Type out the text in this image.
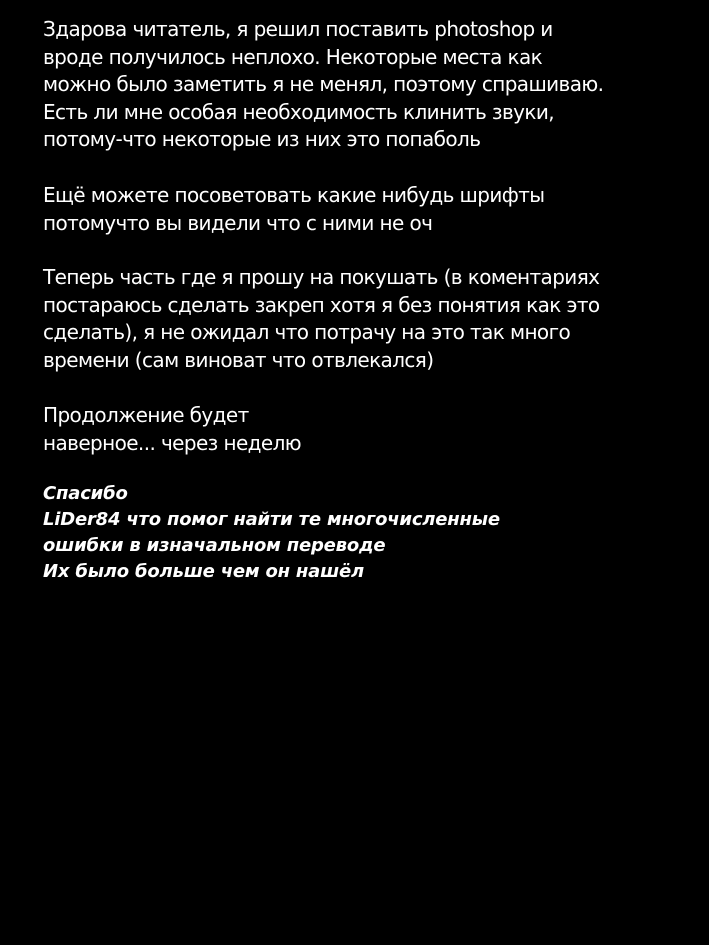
Здарова читатель, я решил поставить photoshop и
вроде получилось неплохо. Некоторые места как
можно было заметить я не менял, поэтому спрашиваю.
Есть ли мне особая необходимость клинить звуки,
потому-что некоторые из них это попаболь
Ещё можете посоветовать какие нибудь шрифты
потомучто вы видели что с ними не оч
Теперь часть где я прошу на покушать (в коментариях
постараюсь сделать закреп хотя я без понятия как это
сделать), я не ожидал что потрачу на это так много
времени (сам виноват что отвлекался)
Продолжение будет
наверное... через неделю
Спасибо
LiDer84 что помог найти те многочисленные
ошибки в изначальном переводе
Их было больше чем он нашёл
